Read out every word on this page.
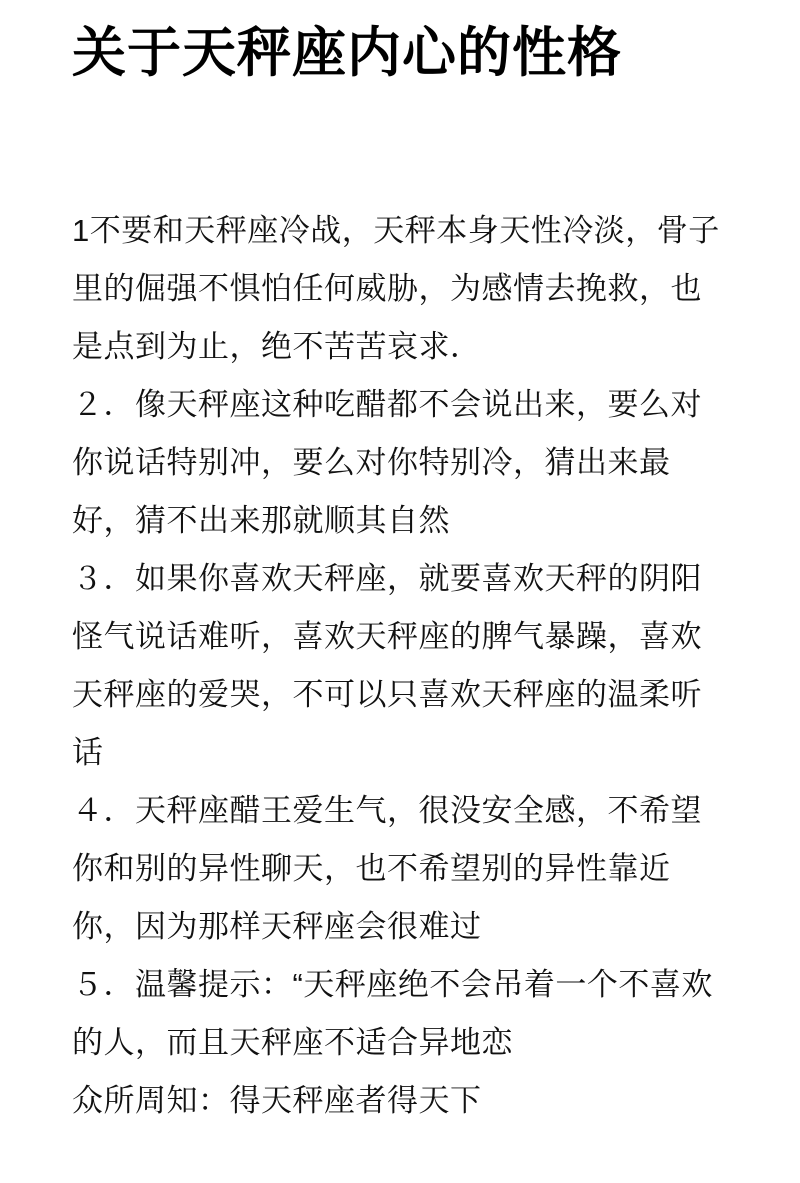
关于天秤座内心的性格

1不要和天秤座冷战，天秤本身天性冷淡，骨子里的倔强不惧怕任何威胁，为感情去挽救，也是点到为止，绝不苦苦哀求．

２．像天秤座这种吃醋都不会说出来，要么对你说话特别冲，要么对你特别冷，猜出来最好，猜不出来那就顺其自然

３．如果你喜欢天秤座，就要喜欢天秤的阴阳怪气说话难听，喜欢天秤座的脾气暴躁，喜欢天秤座的爱哭，不可以只喜欢天秤座的温柔听话

４．天秤座醋王爱生气，很没安全感，不希望你和别的异性聊天，也不希望别的异性靠近你，因为那样天秤座会很难过

５．温馨提示：“天秤座绝不会吊着一个不喜欢的人，而且天秤座不适合异地恋

众所周知：得天秤座者得天下
